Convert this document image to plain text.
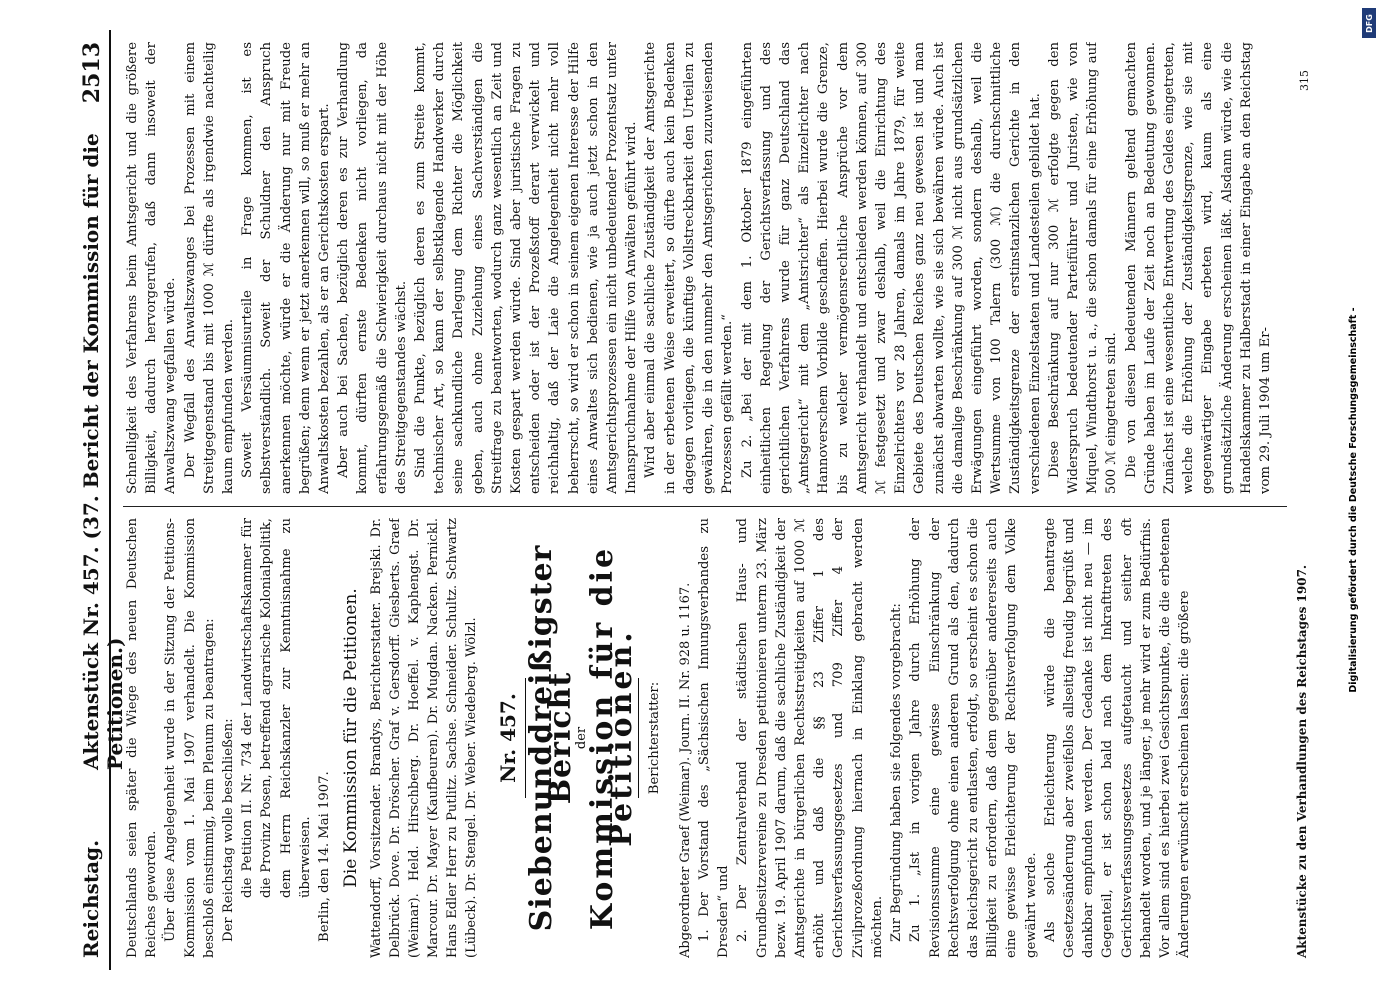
Reichstag.
Aktenstück Nr. 457. (37. Bericht der Kommission für die Petitionen.)
2513

Deutschlands seien später die Wiege des neuen Deutschen Reiches geworden. Über diese Angelegenheit wurde in der Sitzung der Petitions-Kommission vom 1. Mai 1907 verhandelt. Die Kommission beschloß einstimmig, beim Plenum zu beantragen: Der Reichstag wolle beschließen: die Petition II. Nr. 734 der Landwirtschaftskammer für die Provinz Posen, betreffend agrarische Kolonialpolitik, dem Herrn Reichskanzler zur Kenntnisnahme zu überweisen. Berlin, den 14. Mai 1907. Die Kommission für die Petitionen. Wattendorff, Vorsitzender. Brandys, Berichterstatter. Brejski. Dr. Delbrück. Dove. Dr. Dröscher. Graf v. Gersdorff. Giesberts. Graef (Weimar). Held. Hirschberg. Dr. Hoeffel. v. Kaphengst. Dr. Marcour. Dr. Mayer (Kaufbeuren). Dr. Mugdan. Nacken. Pernickl. Hans Edler Herr zu Putlitz. Sachse. Schneider. Schultz. Schwartz (Lübeck). Dr. Stengel. Dr. Weber. Wiedeberg. Wölzl. Nr. 457. Siebenunddreißigster Bericht
der
Kommission für die Petitionen. Berichterstatter: Abgeordneter Graef (Weimar). Journ. II. Nr. 928 u. 1167. 1. Der Vorstand des „Sächsischen Innungsverbandes zu Dresden“ und 2. Der Zentralverband der städtischen Haus- und Grundbesitzervereine zu Dresden petitionieren unterm 23. März bezw. 19. April 1907 darum, daß die sachliche Zuständigkeit der Amtsgerichte in bürgerlichen Rechtsstreitigkeiten auf 1000 ℳ erhöht und daß die §§ 23 Ziffer 1 des Gerichtsverfassungsgesetzes und 709 Ziffer 4 der Zivilprozeßordnung hiernach in Einklang gebracht werden möchten. Zur Begründung haben sie folgendes vorgebracht: Zu 1. „Ist in vorigen Jahre durch Erhöhung der Revisionssumme eine gewisse Einschränkung der Rechtsverfolgung ohne einen anderen Grund als den, dadurch das Reichsgericht zu entlasten, erfolgt, so erscheint es schon die Billigkeit zu erfordern, daß dem gegenüber andererseits auch eine gewisse Erleichterung der Rechtsverfolgung dem Volke gewährt werde. Als solche Erleichterung würde die beantragte Gesetzesänderung aber zweifellos allseitig freudig begrüßt und dankbar empfunden werden. Der Gedanke ist nicht neu — im Gegenteil, er ist schon bald nach dem Inkrafttreten des Gerichtsverfassungsgesetzes aufgetaucht und seither oft behandelt worden, und je länger, je mehr wird er zum Bedürfnis. Vor allem sind es hierbei zwei Gesichtspunkte, die die erbetenen Änderungen erwünscht erscheinen lassen: die größere

Schnelligkeit des Verfahrens beim Amtsgericht und die größere Billigkeit, dadurch hervorgerufen, daß dann insoweit der Anwaltszwang wegfallen würde. Der Wegfall des Anwaltszwanges bei Prozessen mit einem Streitgegenstand bis mit 1000 ℳ dürfte als irgendwie nachteilig kaum empfunden werden. Soweit Versäumnisurteile in Frage kommen, ist es selbstverständlich. Soweit der Schuldner den Anspruch anerkennen möchte, würde er die Änderung nur mit Freude begrüßen; denn wenn er jetzt anerkennen will, so muß er mehr an Anwaltskosten bezahlen, als er an Gerichtskosten erspart. Aber auch bei Sachen, bezüglich deren es zur Verhandlung kommt, dürften ernste Bedenken nicht vorliegen, da erfahrungsgemäß die Schwierigkeit durchaus nicht mit der Höhe des Streitgegenstandes wächst. Sind die Punkte, bezüglich deren es zum Streite kommt, technischer Art, so kann der selbstklagende Handwerker durch seine sachkundliche Darlegung dem Richter die Möglichkeit geben, auch ohne Zuziehung eines Sachverständigen die Streitfrage zu beantworten, wodurch ganz wesentlich an Zeit und Kosten gespart werden würde. Sind aber juristische Fragen zu entscheiden oder ist der Prozeßstoff derart verwickelt und reichhaltig, daß der Laie die Angelegenheit nicht mehr voll beherrscht, so wird er schon in seinem eigenen Interesse der Hilfe eines Anwaltes sich bedienen, wie ja auch jetzt schon in den Amtsgerichtsprozessen ein nicht unbedeutender Prozentsatz unter Inanspruchnahme der Hilfe von Anwälten geführt wird. Wird aber einmal die sachliche Zuständigkeit der Amtsgerichte in der erbetenen Weise erweitert, so dürfte auch kein Bedenken dagegen vorliegen, die künftige Vollstreckbarkeit den Urteilen zu gewähren, die in den nunmehr den Amtsgerichten zuzuweisenden Prozessen gefällt werden.“ Zu 2. „Bei der mit dem 1. Oktober 1879 eingeführten einheitlichen Regelung der Gerichtsverfassung und des gerichtlichen Verfahrens wurde für ganz Deutschland das „Amtsgericht“ mit dem „Amtsrichter“ als Einzelrichter nach Hannoverschem Vorbilde geschaffen. Hierbei wurde die Grenze, bis zu welcher vermögensrechtliche Ansprüche vor dem Amtsgericht verhandelt und entschieden werden können, auf 300 ℳ festgesetzt und zwar deshalb, weil die Einrichtung des Einzelrichters vor 28 Jahren, damals im Jahre 1879, für weite Gebiete des Deutschen Reiches ganz neu gewesen ist und man zunächst abwarten wollte, wie sie sich bewähren würde. Auch ist die damalige Beschränkung auf 300 ℳ nicht aus grundsätzlichen Erwägungen eingeführt worden, sondern deshalb, weil die Wertsumme von 100 Talern (300 ℳ) die durchschnittliche Zuständigkeitsgrenze der erstinstanzlichen Gerichte in den verschiedenen Einzelstaaten und Landesteilen gebildet hat. Diese Beschränkung auf nur 300 ℳ erfolgte gegen den Widerspruch bedeutender Parteiführer und Juristen, wie von Miquel, Windthorst u. a., die schon damals für eine Erhöhung auf 500 ℳ eingetreten sind. Die von diesen bedeutenden Männern geltend gemachten Gründe haben im Laufe der Zeit noch an Bedeutung gewonnen. Zunächst ist eine wesentliche Entwertung des Geldes eingetreten, welche die Erhöhung der Zuständigkeitsgrenze, wie sie mit gegenwärtiger Eingabe erbeten wird, kaum als eine grundsätzliche Änderung erscheinen läßt. Alsdann würde, wie die Handelskammer zu Halberstadt in einer Eingabe an den Reichstag vom 29. Juli 1904 um Er-

Aktenstücke zu den Verhandlungen des Reichstages 1907.
315
Digitalisierung gefördert durch die Deutsche Forschungsgemeinschaft -
DFG
